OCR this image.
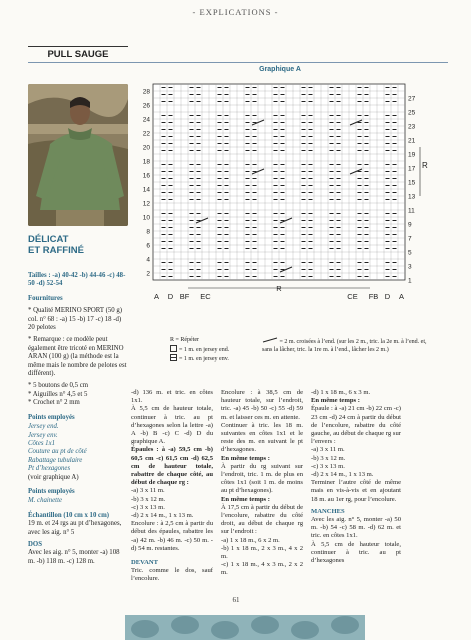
- EXPLICATIONS -
PULL SAUGE
DÉLICAT
ET RAFFINÉ

Tailles : -a) 40-42 -b) 44-46 -c) 48-50 -d) 52-54

Fournitures

* Qualité MERINO SPORT (50 g) col. n° 68 : -a) 15 -b) 17 -c) 18 -d) 20 pelotes

* Remarque : ce modèle peut également être tricoté en MERINO ARAN (100 g) (la méthode est la même mais le nombre de pelotes est différent).

* 5 boutons de 0,5 cm

* Aiguilles n° 4,5 et 5

* Crochet n° 2 mm

Points employés

Jersey end.
Jersey env.
Côtes 1x1
Couture au pt de côté
Rabattage tubulaire
Pt d’hexagones
(voir graphique A)

Points employés

M. chainette

Échantillon (10 cm x 10 cm)

19 m. et 24 rgs au pt d’hexagones, avec les aig. n° 5

DOS

Avec les aig. n° 5, monter -a) 108 m. -b) 118 m. -c) 128 m.

Graphique A
28
26
24
22
20
18
16
14
12
10
8
6
4
2
27
25
23
21
19
17
15
13
11
9
7
5
3
1
R
R
A D BF EC	CE FB D A
R = Répéter
= 1 m. en jersey end.
= 1 m. en jersey env.
= 2 m. croisées à l’end. (sur les 2 m., tric. la 2e m. à l’end. et, sans la lâcher, tric. la 1re m. à l’end., lâcher les 2 m.)

-d) 136 m. et tric. en côtes 1x1.

À 5,5 cm de hauteur totale, continuer à tric. au pt d’hexagones selon la lettre -a) A -b) B -c) C -d) D du graphique A.

Épaules : à -a) 59,5 cm -b) 60,5 cm -c) 61,5 cm -d) 62,5 cm de hauteur totale, rabattre de chaque côté, au début de chaque rg :

-a) 3 x 11 m.

-b) 3 x 12 m.

-c) 3 x 13 m.

-d) 2 x 14 m., 1 x 13 m.

Encolure : à 2,5 cm à partir du début des épaules, rabattre les -a) 42 m. -b) 46 m. -c) 50 m. -d) 54 m. restantes.

DEVANT

Tric. comme le dos, sauf l’encolure.

Encolure : à 38,5 cm de hauteur totale, sur l’endroit, tric. -a) 45 -b) 50 -c) 55 -d) 59 m. et laisser ces m. en attente.

Continuer à tric. les 18 m. suivantes en côtes 1x1 et le reste des m. en suivant le pt d’hexagones.

En même temps :

À partir du rg suivant sur l’endroit, tric. 1 m. de plus en côtes 1x1 (soit 1 m. de moins au pt d’hexagones).

En même temps :

À 17,5 cm à partir du début de l’encolure, rabattre du côté droit, au début de chaque rg sur l’endroit :

-a) 1 x 18 m., 6 x 2 m.

-b) 1 x 18 m., 2 x 3 m., 4 x 2 m.

-c) 1 x 18 m., 4 x 3 m., 2 x 2 m.

-d) 1 x 18 m., 6 x 3 m.

En même temps :

Épaule : à -a) 21 cm -b) 22 cm -c) 23 cm -d) 24 cm à partir du début de l’encolure, rabattre du côté gauche, au début de chaque rg sur l’envers :

-a) 3 x 11 m.

-b) 3 x 12 m.

-c) 3 x 13 m.

-d) 2 x 14 m., 1 x 13 m.

Terminer l’autre côté de même mais en vis-à-vis et en ajoutant 18 m. au 1er rg, pour l’encolure.

MANCHES

Avec les aig. n° 5, monter -a) 50 m. -b) 54 -c) 58 m. -d) 62 m. et tric. en côtes 1x1.

À 5,5 cm de hauteur totale, continuer à tric. au pt d’hexagones

61
